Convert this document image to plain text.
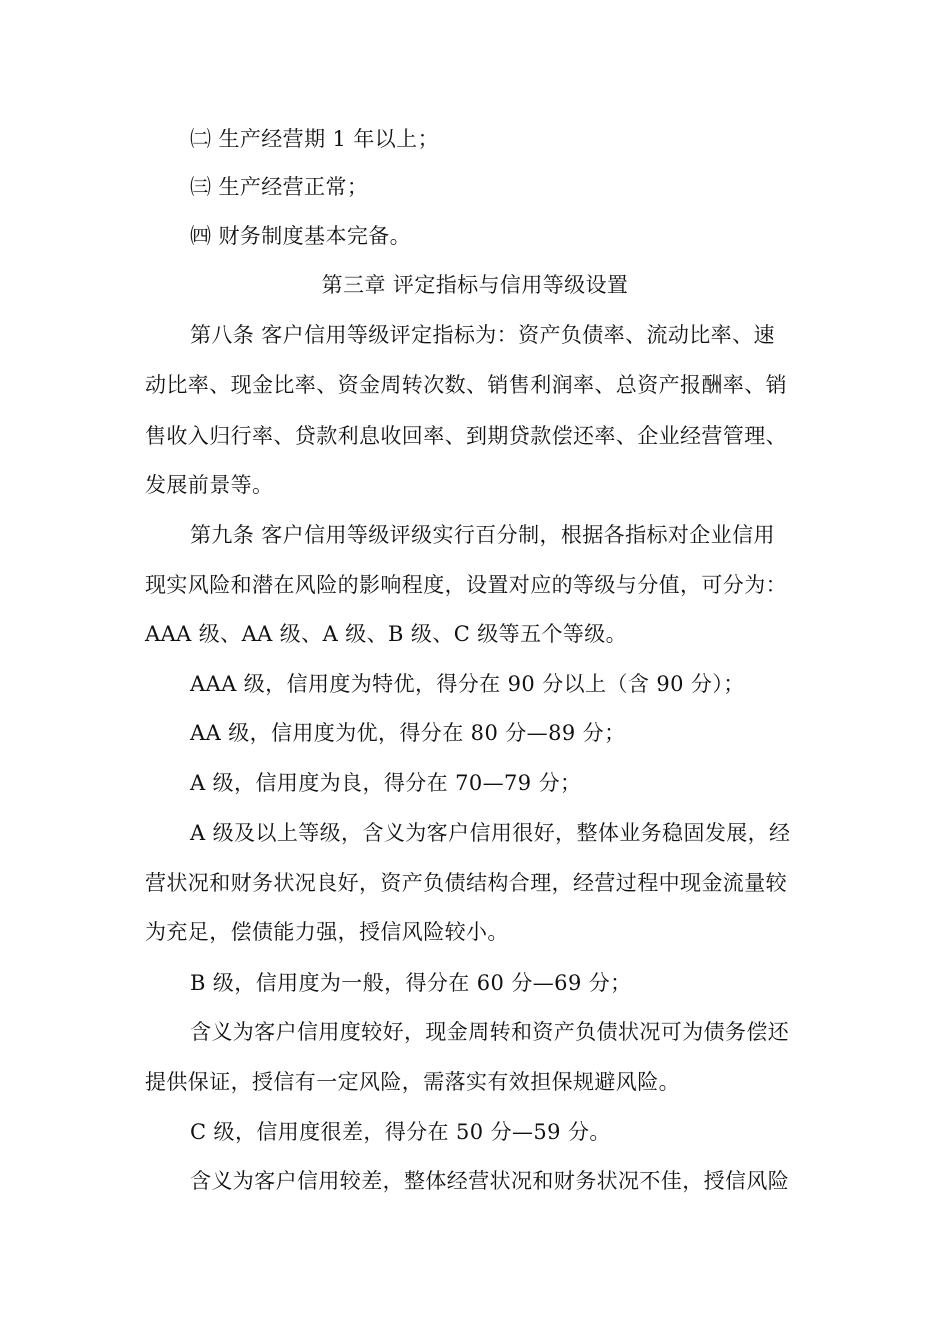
㈡ 生产经营期 1 年以上；
㈢ 生产经营正常；
㈣ 财务制度基本完备。
第三章 评定指标与信用等级设置
第八条 客户信用等级评定指标为：资产负债率、流动比率、速
动比率、现金比率、资金周转次数、销售利润率、总资产报酬率、销
售收入归行率、贷款利息收回率、到期贷款偿还率、企业经营管理、
发展前景等。
第九条 客户信用等级评级实行百分制，根据各指标对企业信用
现实风险和潜在风险的影响程度，设置对应的等级与分值，可分为：
AAA 级、AA 级、A 级、B 级、C 级等五个等级。
AAA 级，信用度为特优，得分在 90 分以上（含 90 分）；
AA 级，信用度为优，得分在 80 分—89 分；
A 级，信用度为良，得分在 70—79 分；
A 级及以上等级，含义为客户信用很好，整体业务稳固发展，经
营状况和财务状况良好，资产负债结构合理，经营过程中现金流量较
为充足，偿债能力强，授信风险较小。
B 级，信用度为一般，得分在 60 分—69 分；
含义为客户信用度较好，现金周转和资产负债状况可为债务偿还
提供保证，授信有一定风险，需落实有效担保规避风险。
C 级，信用度很差，得分在 50 分—59 分。
含义为客户信用较差，整体经营状况和财务状况不佳，授信风险
